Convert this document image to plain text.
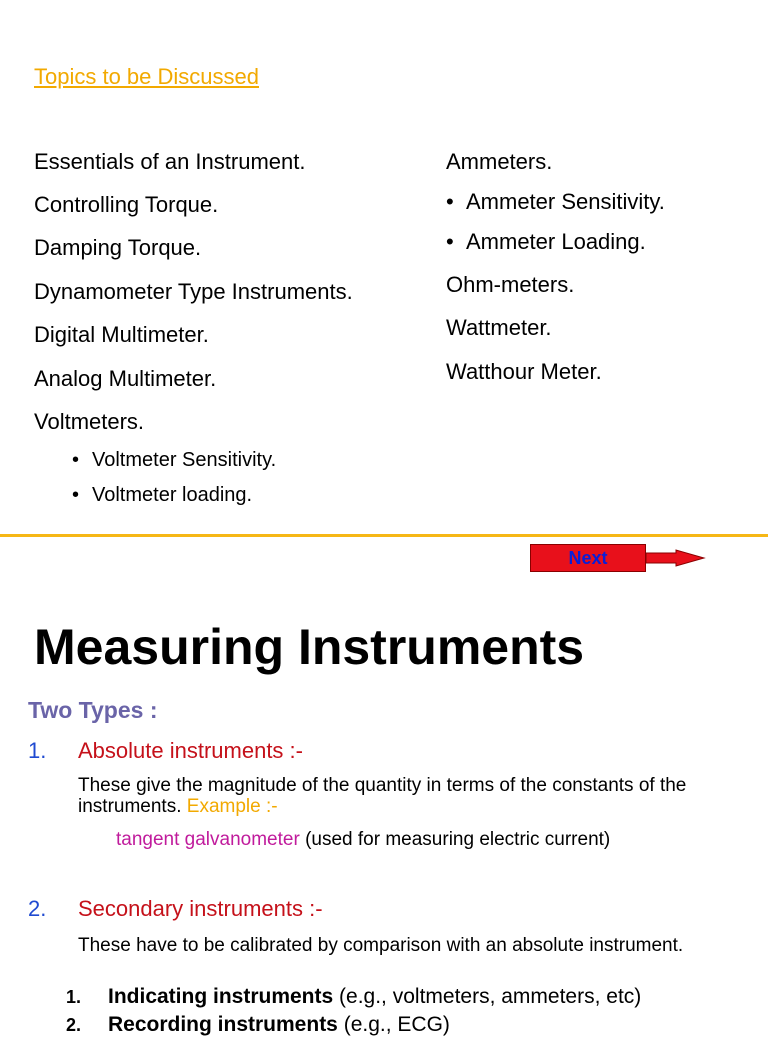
Topics to be Discussed
Essentials of an Instrument.
Controlling Torque.
Damping Torque.
Dynamometer Type Instruments.
Digital Multimeter.
Analog Multimeter.
Voltmeters.
• Voltmeter Sensitivity.
• Voltmeter loading.
Ammeters.
• Ammeter Sensitivity.
• Ammeter Loading.
Ohm-meters.
Wattmeter.
Watthour Meter.
Next
Measuring Instruments
Two Types :
1. Absolute instruments :-
These give the magnitude of the quantity in terms of the constants of the instruments. Example :-
tangent galvanometer (used for measuring electric current)
2. Secondary instruments :-
These have to be calibrated by comparison with an absolute instrument.
1. Indicating instruments (e.g., voltmeters, ammeters, etc)
2. Recording instruments (e.g., ECG)
